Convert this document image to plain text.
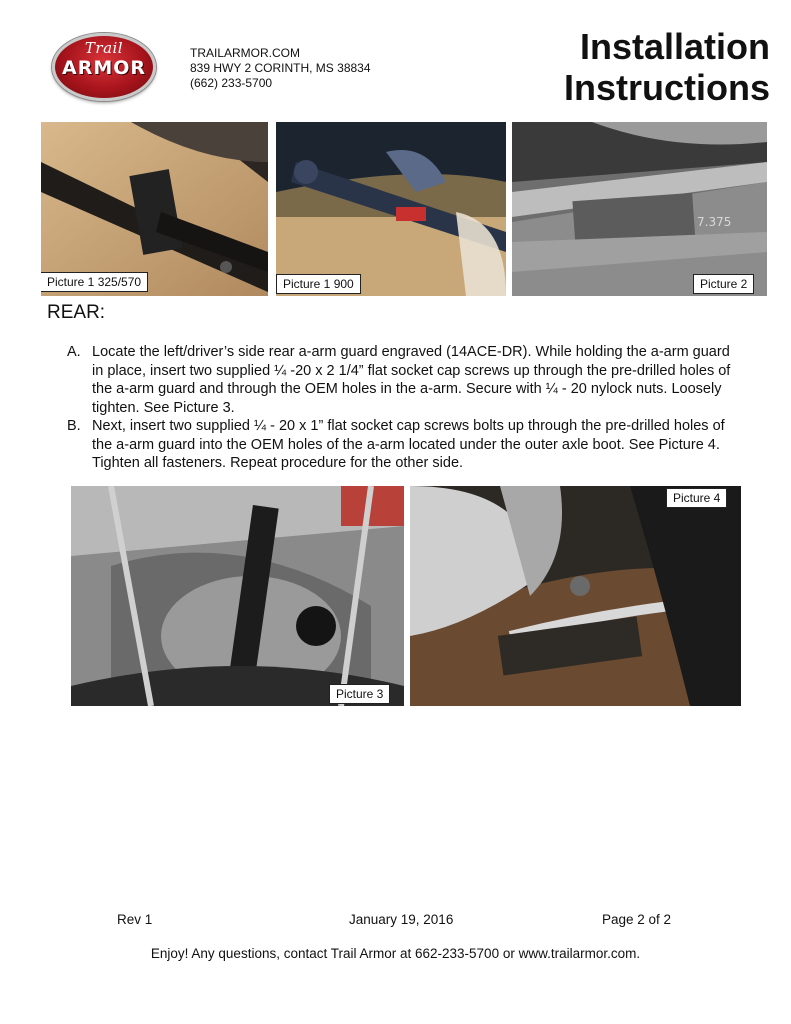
Trail
ARMOR
TRAILARMOR.COM
839 HWY 2 CORINTH, MS 38834
(662) 233-5700
Installation
Instructions
Picture 1 325/570	Picture 1 900
7.375
Picture 2
REAR:
A. Locate the left/driver’s side rear a-arm guard engraved (14ACE-DR). While holding the a-arm guard in place, insert two supplied ¼ -20 x 2 1/4” flat socket cap screws up through the pre-drilled holes of the a-arm guard and through the OEM holes in the a-arm. Secure with ¼ - 20 nylock nuts. Loosely tighten. See Picture 3.
B. Next, insert two supplied ¼ - 20 x 1” flat socket cap screws bolts up through the pre-drilled holes of the a-arm guard into the OEM holes of the a-arm located under the outer axle boot. See Picture 4. Tighten all fasteners. Repeat procedure for the other side.
Picture 3
Picture 4
Rev 1	January 19, 2016	Page 2 of 2
Enjoy! Any questions, contact Trail Armor at 662-233-5700 or www.trailarmor.com.
